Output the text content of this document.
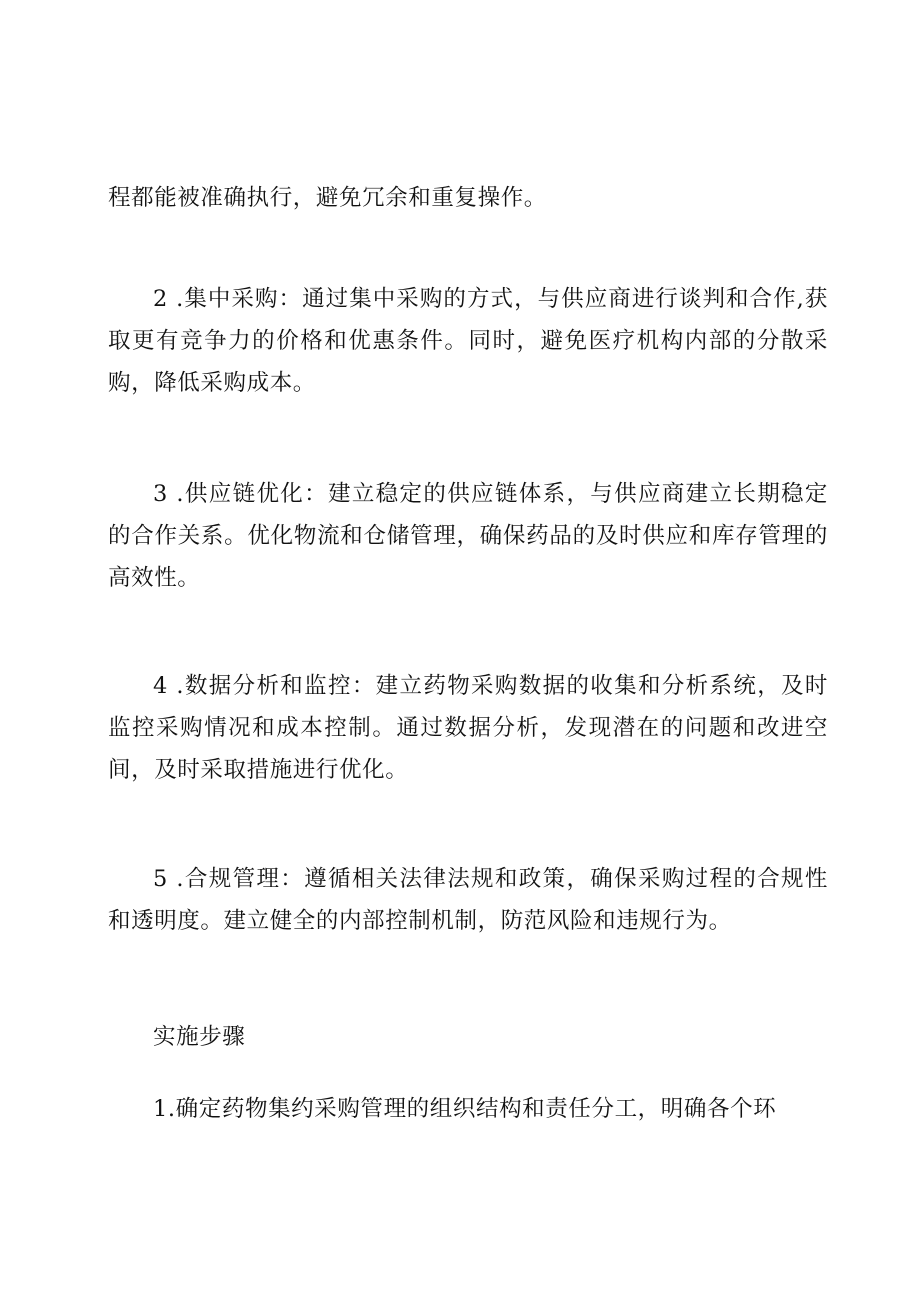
程都能被准确执行，避免冗余和重复操作。

2 .集中采购：通过集中采购的方式，与供应商进行谈判和合作,获取更有竞争力的价格和优惠条件。同时，避免医疗机构内部的分散采购，降低采购成本。

3 .供应链优化：建立稳定的供应链体系，与供应商建立长期稳定的合作关系。优化物流和仓储管理，确保药品的及时供应和库存管理的高效性。

4 .数据分析和监控：建立药物采购数据的收集和分析系统，及时监控采购情况和成本控制。通过数据分析，发现潜在的问题和改进空间，及时采取措施进行优化。

5 .合规管理：遵循相关法律法规和政策，确保采购过程的合规性和透明度。建立健全的内部控制机制，防范风险和违规行为。

实施步骤

1.确定药物集约采购管理的组织结构和责任分工，明确各个环
